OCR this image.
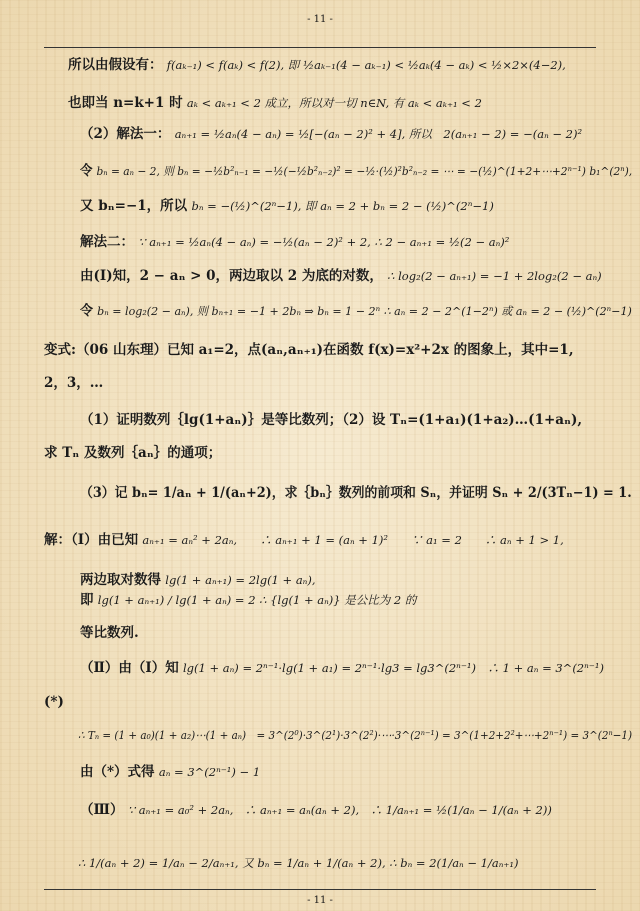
- 11 -
所以由假设有： f(aₖ₋₁) < f(aₖ) < f(2), 即 ½aₖ₋₁(4 − aₖ₋₁) < ½aₖ(4 − aₖ) < ½×2×(4−2),
也即当 n=k+1 时 aₖ < aₖ₊₁ < 2 成立，所以对一切 n∈N, 有 aₖ < aₖ₊₁ < 2
（2）解法一： aₙ₊₁ = ½aₙ(4 − aₙ) = ½[−(aₙ − 2)² + 4], 所以　2(aₙ₊₁ − 2) = −(aₙ − 2)²
令 bₙ = aₙ − 2, 则 bₙ = −½b²ₙ₋₁ = −½(−½b²ₙ₋₂)² = −½·(½)²b²ₙ₋₂ = ⋯ = −(½)^(1+2+⋯+2ⁿ⁻¹) b₁^(2ⁿ),
又 bₙ=−1，所以 bₙ = −(½)^(2ⁿ−1), 即 aₙ = 2 + bₙ = 2 − (½)^(2ⁿ−1)
解法二： ∵ aₙ₊₁ = ½aₙ(4 − aₙ) = −½(aₙ − 2)² + 2, ∴ 2 − aₙ₊₁ = ½(2 − aₙ)²
由(Ⅰ)知，2 − aₙ > 0，两边取以 2 为底的对数， ∴ log₂(2 − aₙ₊₁) = −1 + 2log₂(2 − aₙ)
令 bₙ = log₂(2 − aₙ), 则 bₙ₊₁ = −1 + 2bₙ ⇒ bₙ = 1 − 2ⁿ ∴ aₙ = 2 − 2^(1−2ⁿ) 或 aₙ = 2 − (½)^(2ⁿ−1)
变式:（06 山东理）已知 a₁=2，点(aₙ,aₙ₊₁)在函数 f(x)=x²+2x 的图象上，其中=1,
2，3，…
（1）证明数列｛lg(1+aₙ)｝是等比数列；（2）设 Tₙ=(1+a₁)(1+a₂)…(1+aₙ),
求 Tₙ 及数列｛aₙ｝的通项；
（3）记 bₙ= 1/aₙ + 1/(aₙ+2)，求｛bₙ｝数列的前项和 Sₙ，并证明 Sₙ + 2/(3Tₙ−1) = 1.
解：（Ⅰ）由已知 aₙ₊₁ = aₙ² + 2aₙ,　　∴ aₙ₊₁ + 1 = (aₙ + 1)²　　∵ a₁ = 2　　∴ aₙ + 1 > 1,
两边取对数得 lg(1 + aₙ₊₁) = 2lg(1 + aₙ),
即 lg(1 + aₙ₊₁) / lg(1 + aₙ) = 2 ∴ {lg(1 + aₙ)} 是公比为 2 的
等比数列.
（Ⅱ）由（Ⅰ）知 lg(1 + aₙ) = 2ⁿ⁻¹·lg(1 + a₁) = 2ⁿ⁻¹·lg3 = lg3^(2ⁿ⁻¹)　∴ 1 + aₙ = 3^(2ⁿ⁻¹)
(*)
∴ Tₙ = (1 + a₀)(1 + a₂)⋯(1 + aₙ)　= 3^(2⁰)·3^(2¹)·3^(2²)·⋯·3^(2ⁿ⁻¹) = 3^(1+2+2²+⋯+2ⁿ⁻¹) = 3^(2ⁿ−1)
由（*）式得 aₙ = 3^(2ⁿ⁻¹) − 1
（Ⅲ） ∵ aₙ₊₁ = a₀² + 2aₙ,　∴ aₙ₊₁ = aₙ(aₙ + 2),　∴ 1/aₙ₊₁ = ½(1/aₙ − 1/(aₙ + 2))
∴ 1/(aₙ + 2) = 1/aₙ − 2/aₙ₊₁, 又 bₙ = 1/aₙ + 1/(aₙ + 2), ∴ bₙ = 2(1/aₙ − 1/aₙ₊₁)
- 11 -
